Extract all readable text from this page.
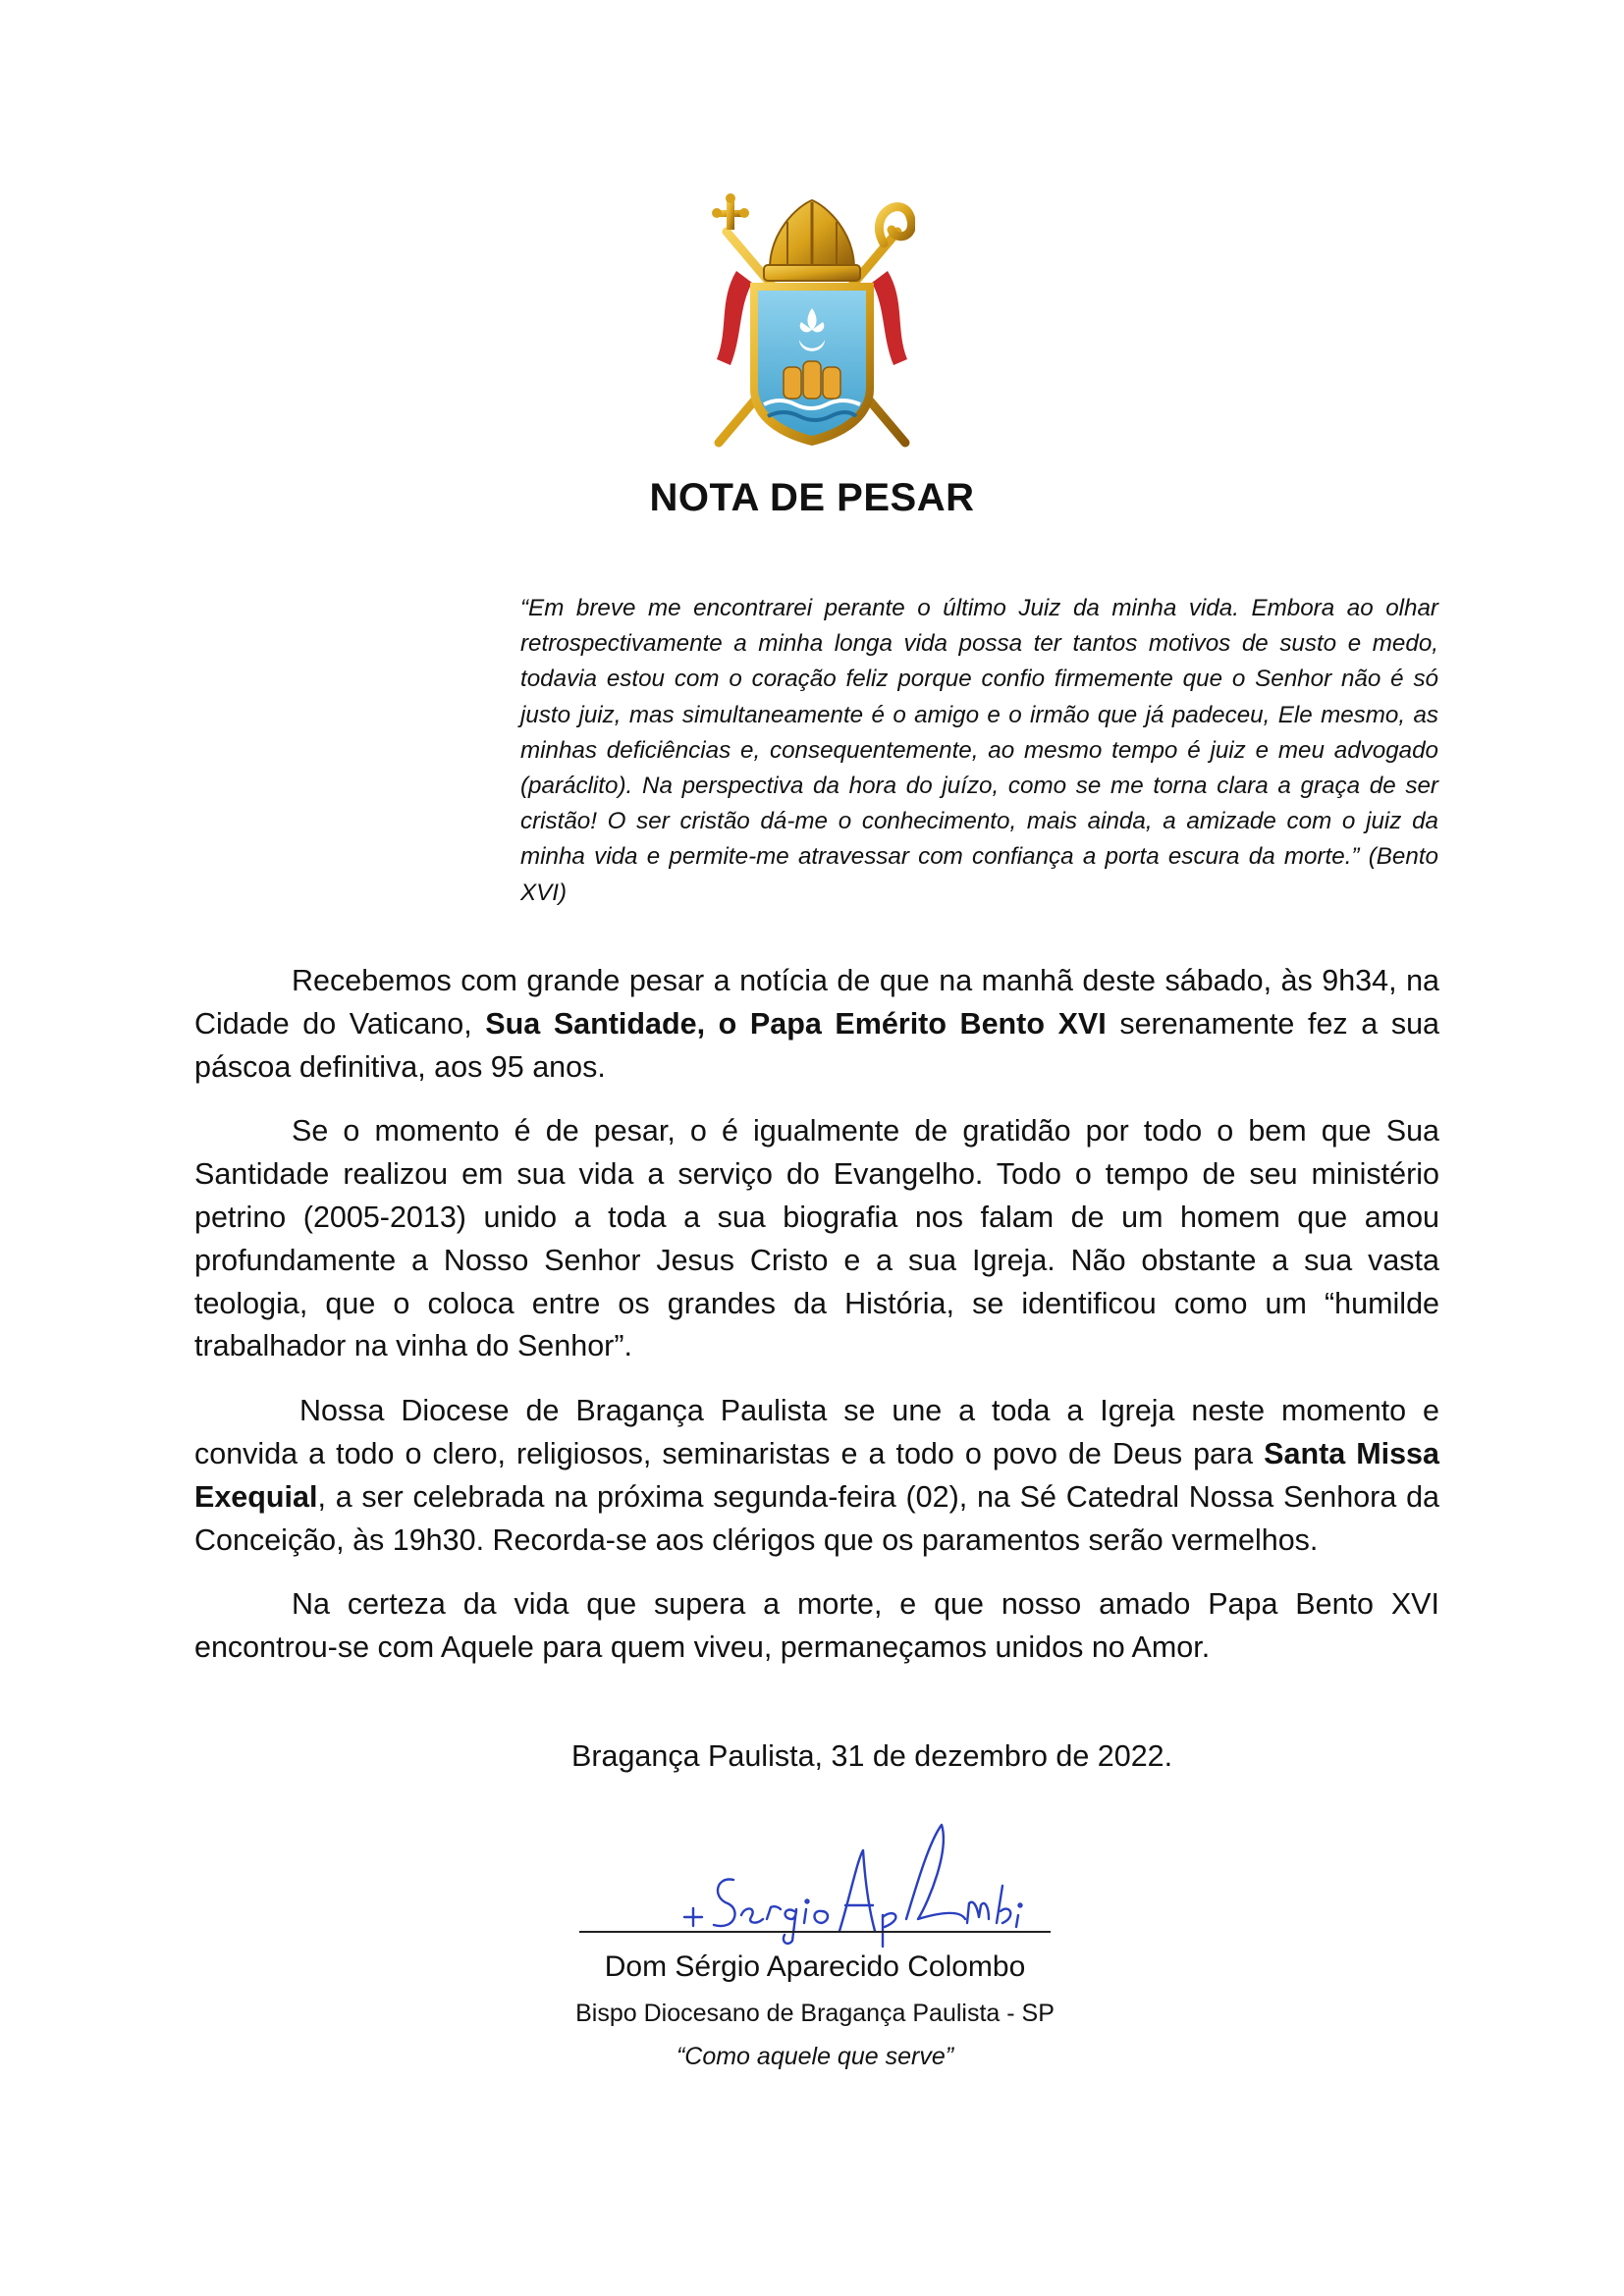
NOTA DE PESAR
“Em breve me encontrarei perante o último Juiz da minha vida. Embora ao olhar retrospectivamente a minha longa vida possa ter tantos motivos de susto e medo, todavia estou com o coração feliz porque confio firmemente que o Senhor não é só justo juiz, mas simultaneamente é o amigo e o irmão que já padeceu, Ele mesmo, as minhas deficiências e, consequentemente, ao mesmo tempo é juiz e meu advogado (paráclito). Na perspectiva da hora do juízo, como se me torna clara a graça de ser cristão! O ser cristão dá-me o conhecimento, mais ainda, a amizade com o juiz da minha vida e permite-me atravessar com confiança a porta escura da morte.” (Bento XVI)

Recebemos com grande pesar a notícia de que na manhã deste sábado, às 9h34, na Cidade do Vaticano, Sua Santidade, o Papa Emérito Bento XVI serenamente fez a sua páscoa definitiva, aos 95 anos.

Se o momento é de pesar, o é igualmente de gratidão por todo o bem que Sua Santidade realizou em sua vida a serviço do Evangelho. Todo o tempo de seu ministério petrino (2005-2013) unido a toda a sua biografia nos falam de um homem que amou profundamente a Nosso Senhor Jesus Cristo e a sua Igreja. Não obstante a sua vasta teologia, que o coloca entre os grandes da História, se identificou como um “humilde trabalhador na vinha do Senhor”.

Nossa Diocese de Bragança Paulista se une a toda a Igreja neste momento e convida a todo o clero, religiosos, seminaristas e a todo o povo de Deus para Santa Missa Exequial, a ser celebrada na próxima segunda-feira (02), na Sé Catedral Nossa Senhora da Conceição, às 19h30. Recorda-se aos clérigos que os paramentos serão vermelhos.

Na certeza da vida que supera a morte, e que nosso amado Papa Bento XVI encontrou-se com Aquele para quem viveu, permaneçamos unidos no Amor.

Bragança Paulista, 31 de dezembro de 2022.
Dom Sérgio Aparecido Colombo
Bispo Diocesano de Bragança Paulista - SP
“Como aquele que serve”
